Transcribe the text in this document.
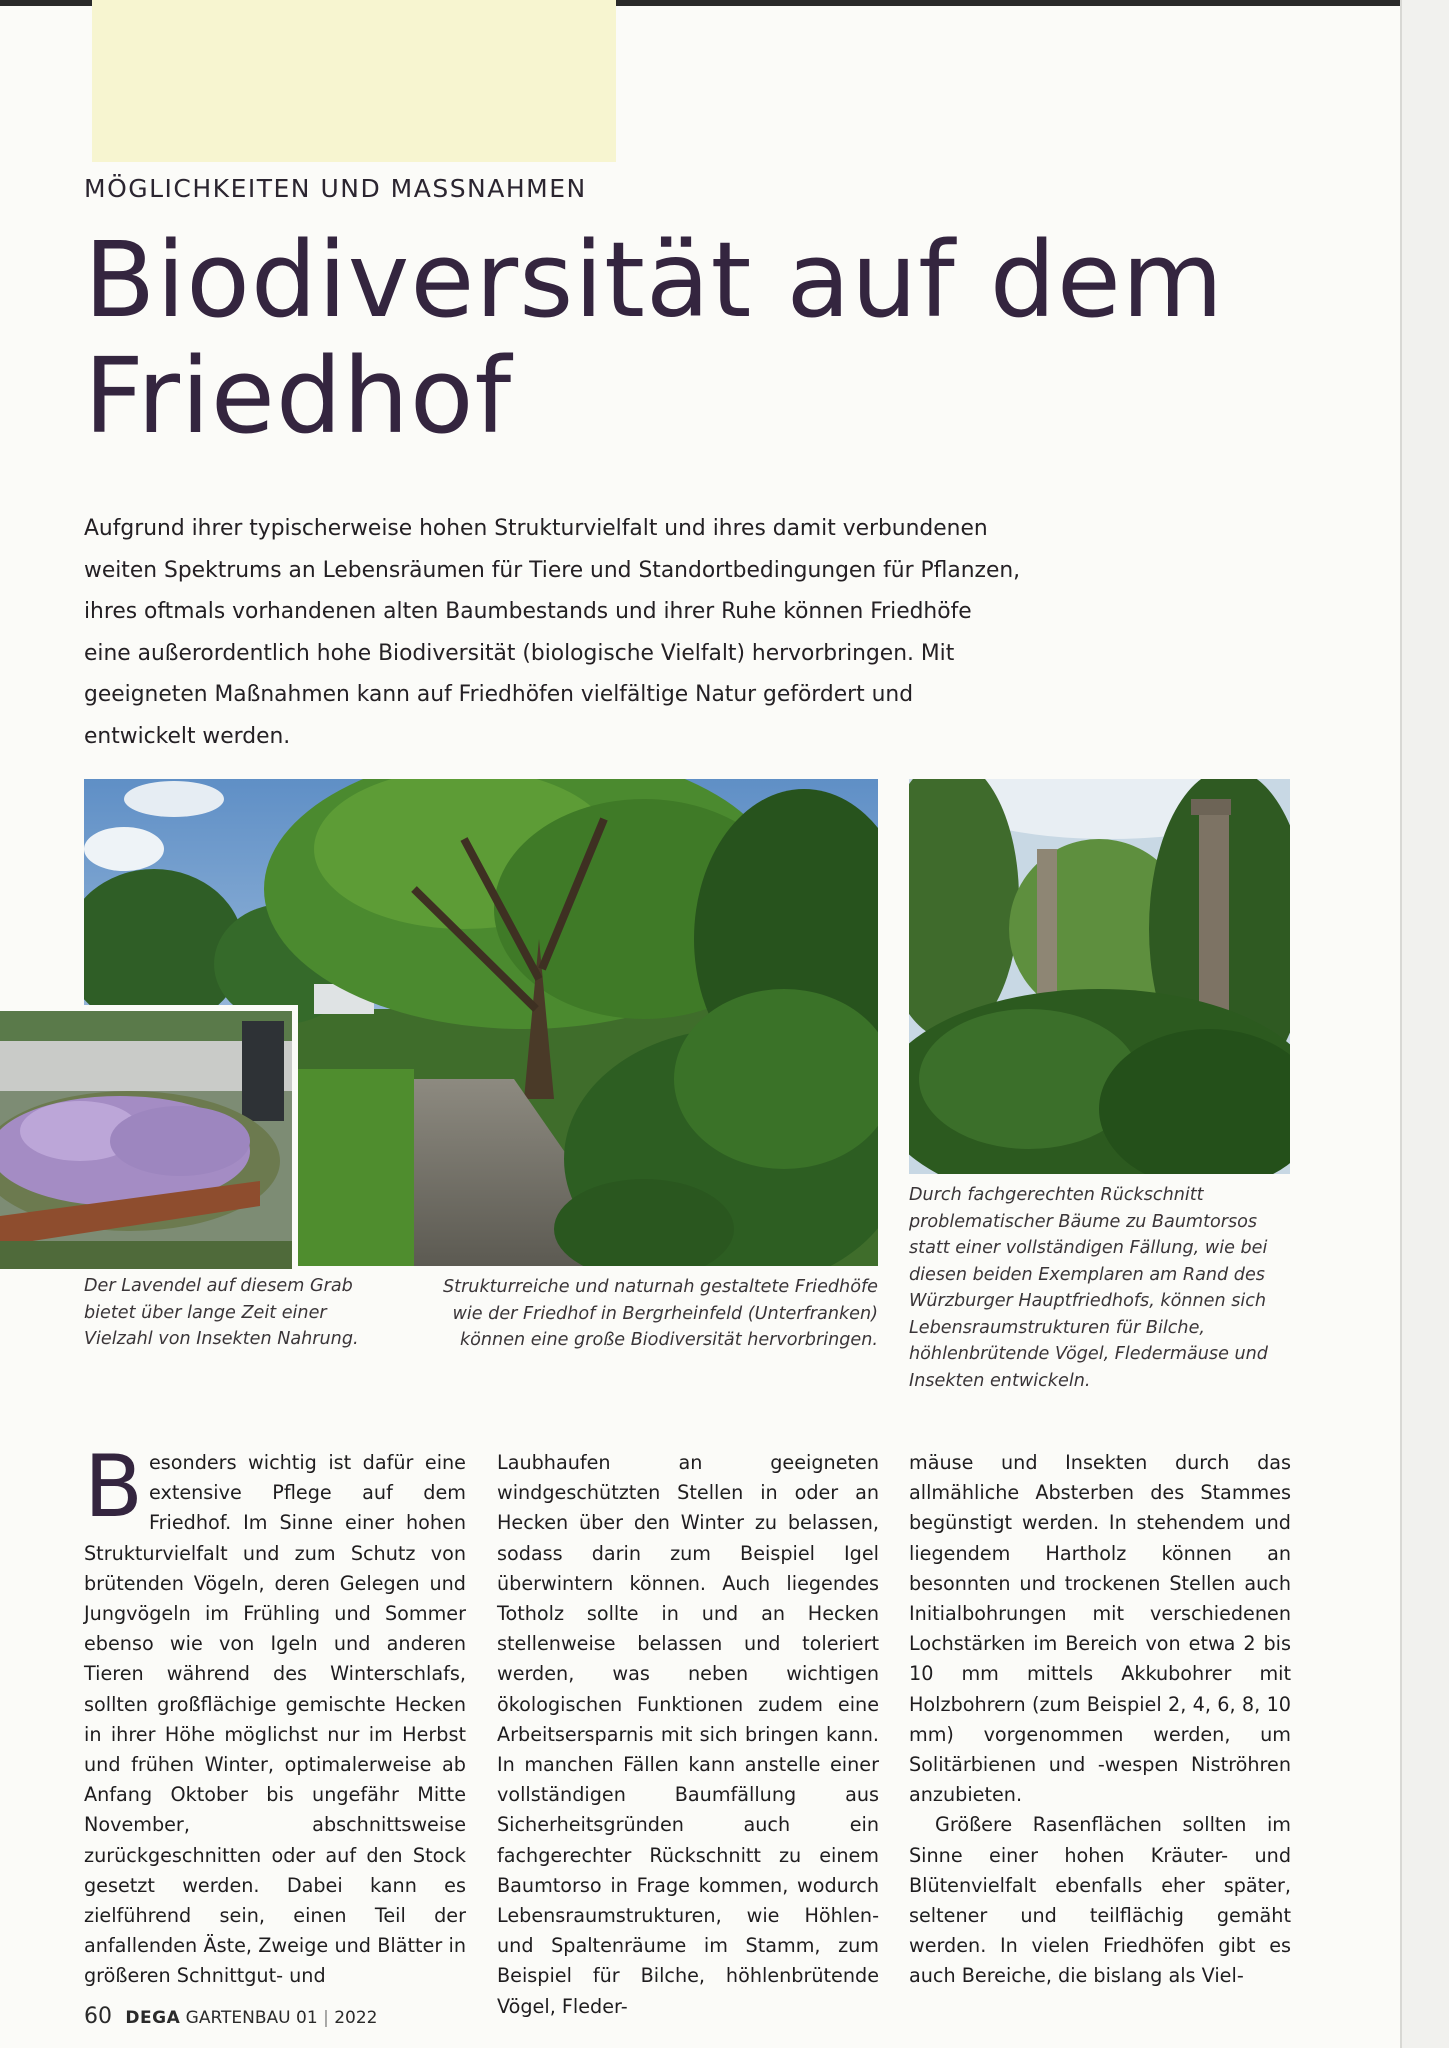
MÖGLICHKEITEN UND MASSNAHMEN
Biodiversität auf dem Friedhof
Aufgrund ihrer typischerweise hohen Strukturvielfalt und ihres damit verbundenen weiten Spektrums an Lebensräumen für Tiere und Standortbedingungen für Pflanzen, ihres oftmals vorhandenen alten Baumbestands und ihrer Ruhe können Friedhöfe eine außerordentlich hohe Biodiversität (biologische Vielfalt) hervorbringen. Mit geeigneten Maßnahmen kann auf Friedhöfen vielfältige Natur gefördert und entwickelt werden.
Der Lavendel auf diesem Grab bietet über lange Zeit einer Vielzahl von Insekten Nahrung.
Strukturreiche und naturnah gestaltete Friedhöfe wie der Friedhof in Bergrheinfeld (Unterfranken) können eine große Biodiversität hervorbringen.
Durch fachgerechten Rückschnitt problematischer Bäume zu Baumtorsos statt einer vollständigen Fällung, wie bei diesen beiden Exemplaren am Rand des Würzburger Hauptfriedhofs, können sich Lebensraumstrukturen für Bilche, höhlenbrütende Vögel, Fledermäuse und Insekten entwickeln.

Besonders wichtig ist dafür eine extensive Pflege auf dem Friedhof. Im Sinne einer hohen Strukturvielfalt und zum Schutz von brütenden Vögeln, deren Gelegen und Jungvögeln im Frühling und Sommer ebenso wie von Igeln und anderen Tieren während des Winterschlafs, sollten großflächige gemischte Hecken in ihrer Höhe möglichst nur im Herbst und frühen Winter, optimalerweise ab Anfang Oktober bis ungefähr Mitte November, abschnittsweise zurückgeschnitten oder auf den Stock gesetzt werden. Dabei kann es zielführend sein, einen Teil der anfallenden Äste, Zweige und Blätter in größeren Schnittgut- und

Laubhaufen an geeigneten windgeschützten Stellen in oder an Hecken über den Winter zu belassen, sodass darin zum Beispiel Igel überwintern können. Auch liegendes Totholz sollte in und an Hecken stellenweise belassen und toleriert werden, was neben wichtigen ökologischen Funktionen zudem eine Arbeitsersparnis mit sich bringen kann. In manchen Fällen kann anstelle einer vollständigen Baumfällung aus Sicherheitsgründen auch ein fachgerechter Rückschnitt zu einem Baumtorso in Frage kommen, wodurch Lebensraumstrukturen, wie Höhlen- und Spaltenräume im Stamm, zum Beispiel für Bilche, höhlenbrütende Vögel, Fleder-

mäuse und Insekten durch das allmähliche Absterben des Stammes begünstigt werden. In stehendem und liegendem Hartholz können an besonnten und trockenen Stellen auch Initialbohrungen mit verschiedenen Lochstärken im Bereich von etwa 2 bis 10 mm mittels Akkubohrer mit Holzbohrern (zum Beispiel 2, 4, 6, 8, 10 mm) vorgenommen werden, um Solitärbienen und -wespen Niströhren anzubieten.

Größere Rasenflächen sollten im Sinne einer hohen Kräuter- und Blütenvielfalt ebenfalls eher später, seltener und teilflächig gemäht werden. In vielen Friedhöfen gibt es auch Bereiche, die bislang als Viel-

60 DEGA GARTENBAU 01 | 2022
